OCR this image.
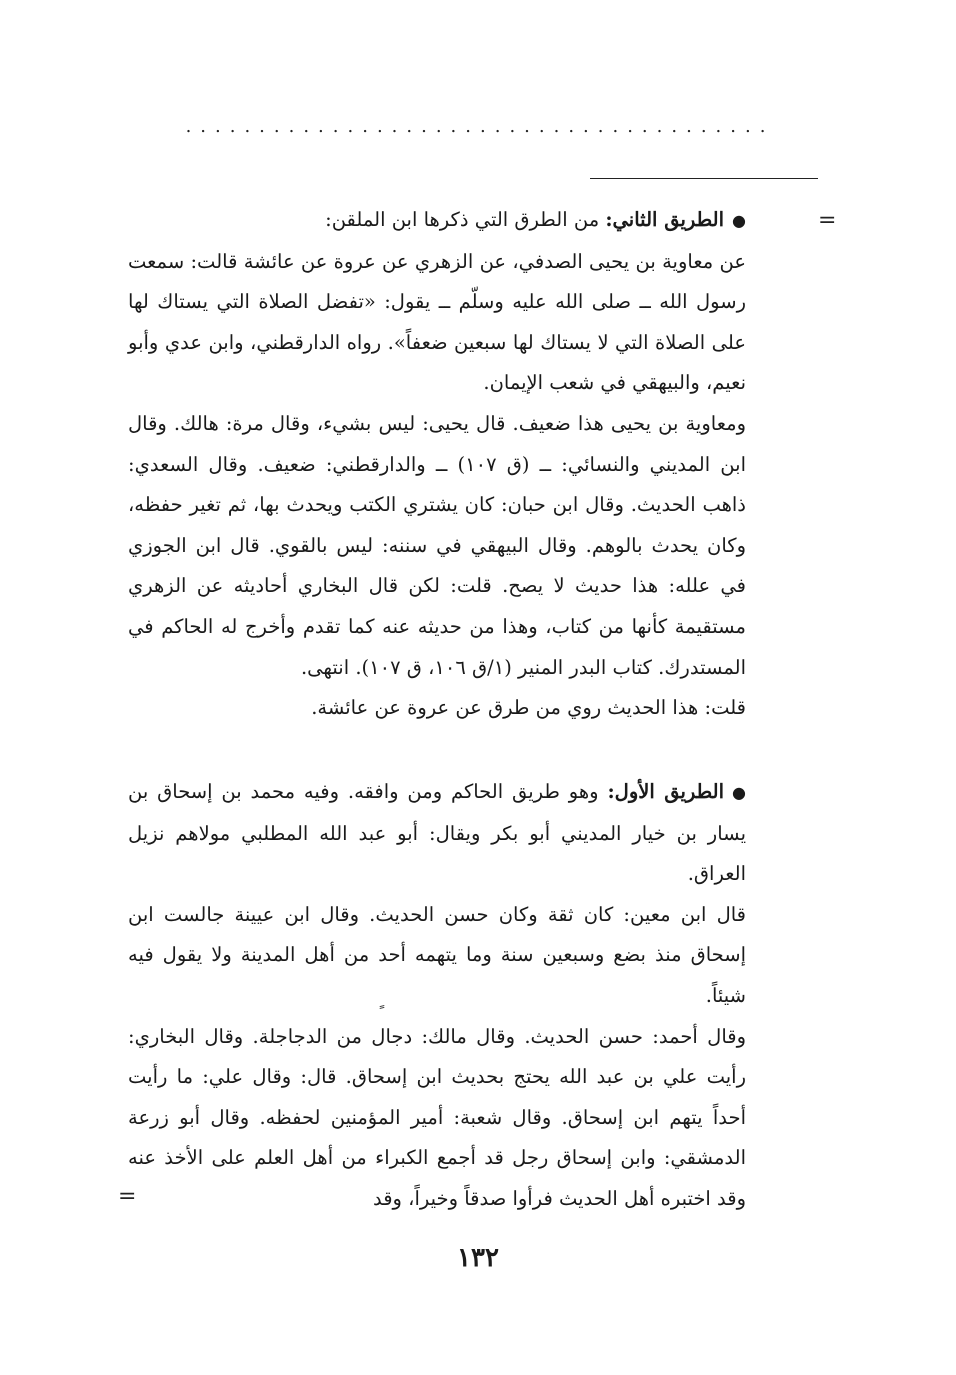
........................................
=

●الطريق الثاني: من الطرق التي ذكرها ابن الملقن:

عن معاوية بن يحيى الصدفي، عن الزهري عن عروة عن عائشة قالت: سمعت رسول الله ــ صلى الله عليه وسلّم ــ يقول: «تفضل الصلاة التي يستاك لها على الصلاة التي لا يستاك لها سبعين ضعفاً». رواه الدارقطني، وابن عدي وأبو نعيم، والبيهقي في شعب الإيمان.

ومعاوية بن يحيى هذا ضعيف. قال يحيى: ليس بشيء، وقال مرة: هالك. وقال ابن المديني والنسائي: ــ (ق ١٠٧) ــ والدارقطني: ضعيف. وقال السعدي: ذاهب الحديث. وقال ابن حبان: كان يشتري الكتب ويحدث بها، ثم تغير حفظه، وكان يحدث بالوهم. وقال البيهقي في سننه: ليس بالقوي. قال ابن الجوزي في علله: هذا حديث لا يصح. قلت: لكن قال البخاري أحاديثه عن الزهري مستقيمة كأنها من كتاب، وهذا من حديثه عنه كما تقدم وأخرج له الحاكم في المستدرك. كتاب البدر المنير (١/ق ١٠٦، ق ١٠٧). انتهى.

قلت: هذا الحديث روي من طرق عن عروة عن عائشة.

●الطريق الأول: وهو طريق الحاكم ومن وافقه. وفيه محمد بن إسحاق بن يسار بن خيار المديني أبو بكر ويقال: أبو عبد الله المطلبي مولاهم نزيل العراق.

قال ابن معين: كان ثقة وكان حسن الحديث. وقال ابن عيينة جالست ابن إسحاق منذ بضع وسبعين سنة وما يتهمه أحد من أهل المدينة ولا يقول فيه شيئاً.

وقال أحمد: حسن الحديث. وقال مالك: دجال من الدجاجلة. وقال البخاري: رأيت علي بن عبد الله يحتج بحديث ابن إسحاق. قال: وقال علي: ما رأيت أحداً يتهم ابن إسحاق. وقال شعبة: أمير المؤمنين لحفظه. وقال أبو زرعة الدمشقي: وابن إسحاق رجل قد أجمع الكبراء من أهل العلم على الأخذ عنه وقد اختبره أهل الحديث فرأوا صدقاً وخيراً، وقد

=
١٣٢
